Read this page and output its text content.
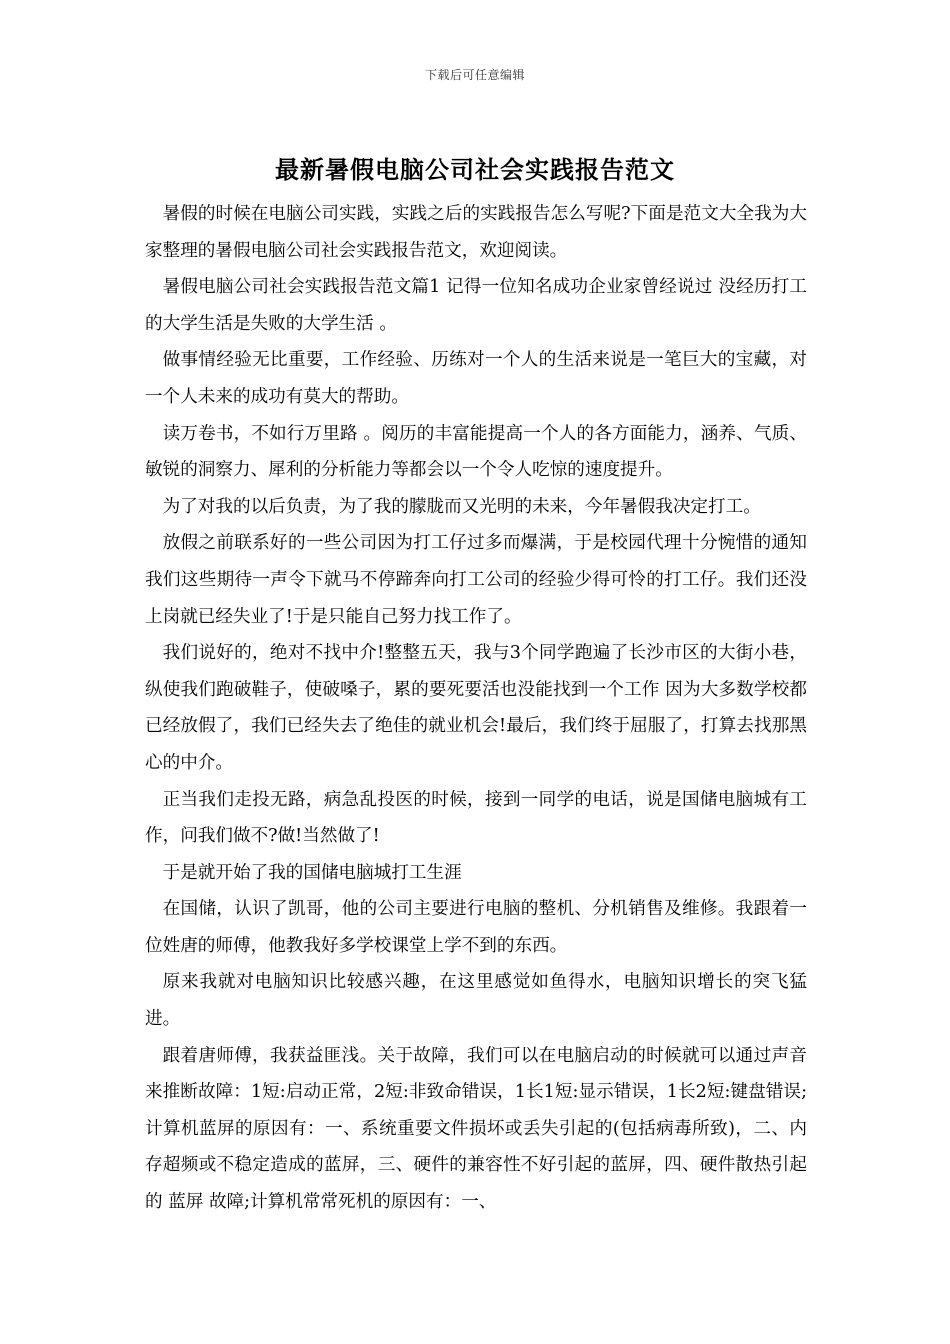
下载后可任意编辑
最新暑假电脑公司社会实践报告范文

暑假的时候在电脑公司实践，实践之后的实践报告怎么写呢?下面是范文大全我为大家整理的暑假电脑公司社会实践报告范文，欢迎阅读。

暑假电脑公司社会实践报告范文篇1 记得一位知名成功企业家曾经说过 没经历打工的大学生活是失败的大学生活 。

做事情经验无比重要，工作经验、历练对一个人的生活来说是一笔巨大的宝藏，对一个人未来的成功有莫大的帮助。

读万卷书，不如行万里路 。阅历的丰富能提高一个人的各方面能力，涵养、气质、敏锐的洞察力、犀利的分析能力等都会以一个令人吃惊的速度提升。

为了对我的以后负责，为了我的朦胧而又光明的未来，今年暑假我决定打工。

放假之前联系好的一些公司因为打工仔过多而爆满，于是校园代理十分惋惜的通知我们这些期待一声令下就马不停蹄奔向打工公司的经验少得可怜的打工仔。我们还没上岗就已经失业了!于是只能自己努力找工作了。

我们说好的，绝对不找中介!整整五天，我与3个同学跑遍了长沙市区的大街小巷，纵使我们跑破鞋子，使破嗓子，累的要死要活也没能找到一个工作 因为大多数学校都已经放假了，我们已经失去了绝佳的就业机会!最后，我们终于屈服了，打算去找那黑心的中介。

正当我们走投无路，病急乱投医的时候，接到一同学的电话，说是国储电脑城有工作，问我们做不?做!当然做了!

于是就开始了我的国储电脑城打工生涯

在国储，认识了凯哥，他的公司主要进行电脑的整机、分机销售及维修。我跟着一位姓唐的师傅，他教我好多学校课堂上学不到的东西。

原来我就对电脑知识比较感兴趣，在这里感觉如鱼得水，电脑知识增长的突飞猛进。

跟着唐师傅，我获益匪浅。关于故障，我们可以在电脑启动的时候就可以通过声音来推断故障：1短:启动正常，2短:非致命错误，1长1短:显示错误，1长2短:键盘错误;计算机蓝屏的原因有：一、系统重要文件损坏或丢失引起的(包括病毒所致)，二、内存超频或不稳定造成的蓝屏，三、硬件的兼容性不好引起的蓝屏，四、硬件散热引起的 蓝屏 故障;计算机常常死机的原因有：一、
